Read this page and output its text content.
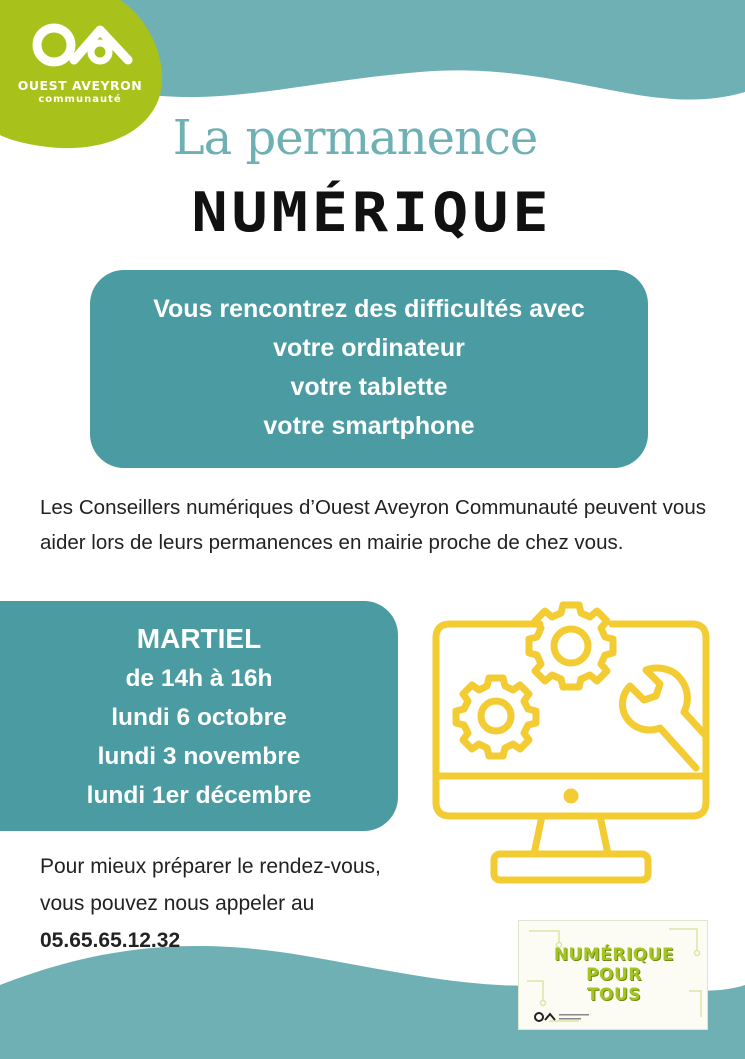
OUEST AVEYRON
communauté
La permanence
NUMÉRIQUE
Vous rencontrez des difficultés avec
votre ordinateur
votre tablette
votre smartphone

Les Conseillers numériques d’Ouest Aveyron Communauté peuvent vous aider lors de leurs permanences en mairie proche de chez vous.

MARTIEL
de 14h à 16h
lundi 6 octobre
lundi 3 novembre
lundi 1er décembre

Pour mieux préparer le rendez-vous, vous pouvez nous appeler au 05.65.65.12.32

NUMÉRIQUE
POUR
TOUS
